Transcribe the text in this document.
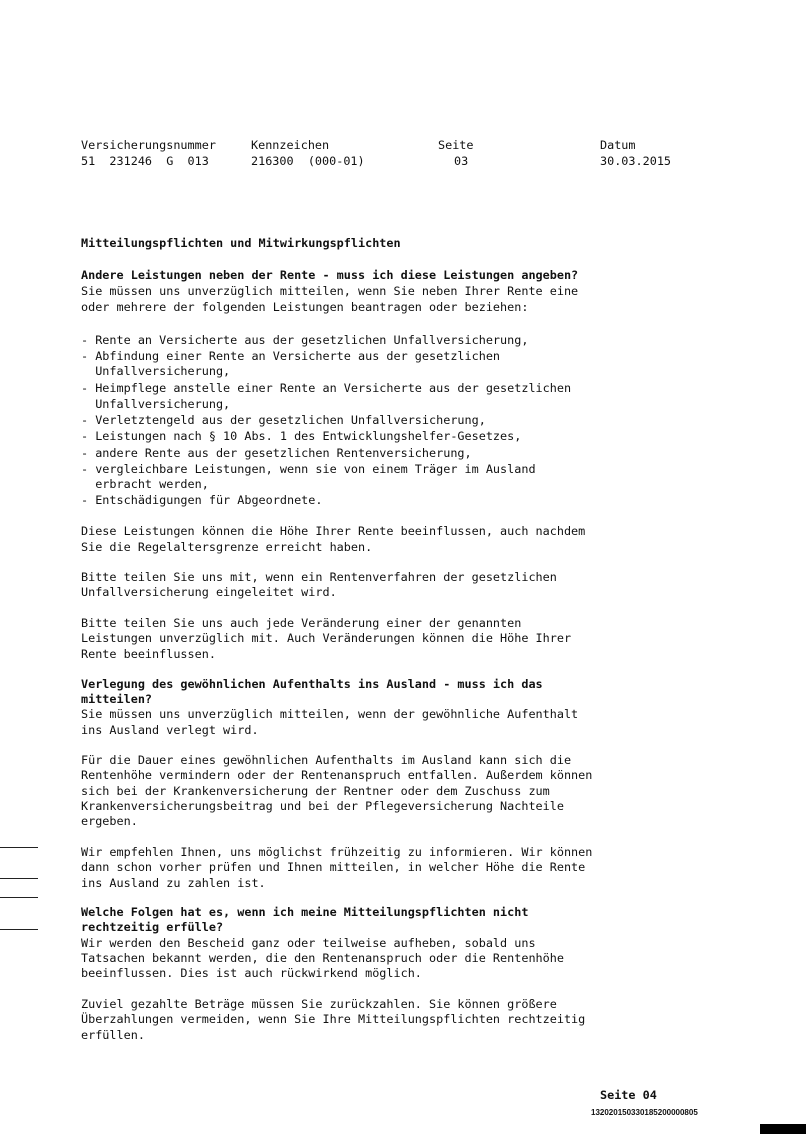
Versicherungsnummer	Kennzeichen	Seite	Datum
51  231246  G  013	216300  (000-01)	03	30.03.2015
Mitteilungspflichten und Mitwirkungspflichten
Andere Leistungen neben der Rente - muss ich diese Leistungen angeben?
Sie müssen uns unverzüglich mitteilen, wenn Sie neben Ihrer Rente eine
oder mehrere der folgenden Leistungen beantragen oder beziehen:
- Rente an Versicherte aus der gesetzlichen Unfallversicherung,
- Abfindung einer Rente an Versicherte aus der gesetzlichen
Unfallversicherung,
- Heimpflege anstelle einer Rente an Versicherte aus der gesetzlichen
Unfallversicherung,
- Verletztengeld aus der gesetzlichen Unfallversicherung,
- Leistungen nach § 10 Abs. 1 des Entwicklungshelfer-Gesetzes,
- andere Rente aus der gesetzlichen Rentenversicherung,
- vergleichbare Leistungen, wenn sie von einem Träger im Ausland
erbracht werden,
- Entschädigungen für Abgeordnete.
Diese Leistungen können die Höhe Ihrer Rente beeinflussen, auch nachdem
Sie die Regelaltersgrenze erreicht haben.
Bitte teilen Sie uns mit, wenn ein Rentenverfahren der gesetzlichen
Unfallversicherung eingeleitet wird.
Bitte teilen Sie uns auch jede Veränderung einer der genannten
Leistungen unverzüglich mit. Auch Veränderungen können die Höhe Ihrer
Rente beeinflussen.
Verlegung des gewöhnlichen Aufenthalts ins Ausland - muss ich das
mitteilen?
Sie müssen uns unverzüglich mitteilen, wenn der gewöhnliche Aufenthalt
ins Ausland verlegt wird.
Für die Dauer eines gewöhnlichen Aufenthalts im Ausland kann sich die
Rentenhöhe vermindern oder der Rentenanspruch entfallen. Außerdem können
sich bei der Krankenversicherung der Rentner oder dem Zuschuss zum
Krankenversicherungsbeitrag und bei der Pflegeversicherung Nachteile
ergeben.
Wir empfehlen Ihnen, uns möglichst frühzeitig zu informieren. Wir können
dann schon vorher prüfen und Ihnen mitteilen, in welcher Höhe die Rente
ins Ausland zu zahlen ist.
Welche Folgen hat es, wenn ich meine Mitteilungspflichten nicht
rechtzeitig erfülle?
Wir werden den Bescheid ganz oder teilweise aufheben, sobald uns
Tatsachen bekannt werden, die den Rentenanspruch oder die Rentenhöhe
beeinflussen. Dies ist auch rückwirkend möglich.
Zuviel gezahlte Beträge müssen Sie zurückzahlen. Sie können größere
Überzahlungen vermeiden, wenn Sie Ihre Mitteilungspflichten rechtzeitig
erfüllen.
Seite 04
132020150330185200000805
